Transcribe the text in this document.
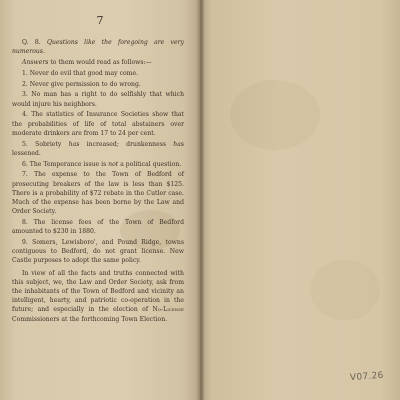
7

Q. 8. Questions like the foregoing are very numerous.

Answers to them would read as follows:—

1. Never do evil that good may come.

2. Never give permission to do wrong.

3. No man has a right to do selfishly that which would injure his neighbors.

4. The statistics of Insurance Societies show that the probabilities of life of total abstainers over moderate drinkers are from 17 to 24 per cent.

5. Sobriety has increased; drunkenness has lessened.

6. The Temperance issue is not a political question.

7. The expense to the Town of Bedford of prosecuting breakers of the law is less than $125. There is a probability of $72 rebate in the Cutler case. Much of the expense has been borne by the Law and Order Society.

8. The license fees of the Town of Bedford amounted to $230 in 1880.

9. Somers, Lewisboro', and Pound Ridge, towns contiguous to Bedford, do not grant license. New Castle purposes to adopt the same policy.

In view of all the facts and truths connected with this subject, we, the Law and Order Society, ask from the inhabitants of the Town of Bedford and vicinity an intelligent, hearty, and patriotic co-operation in the future; and especially in the election of No-License Commissioners at the forthcoming Town Election.

V07.26
